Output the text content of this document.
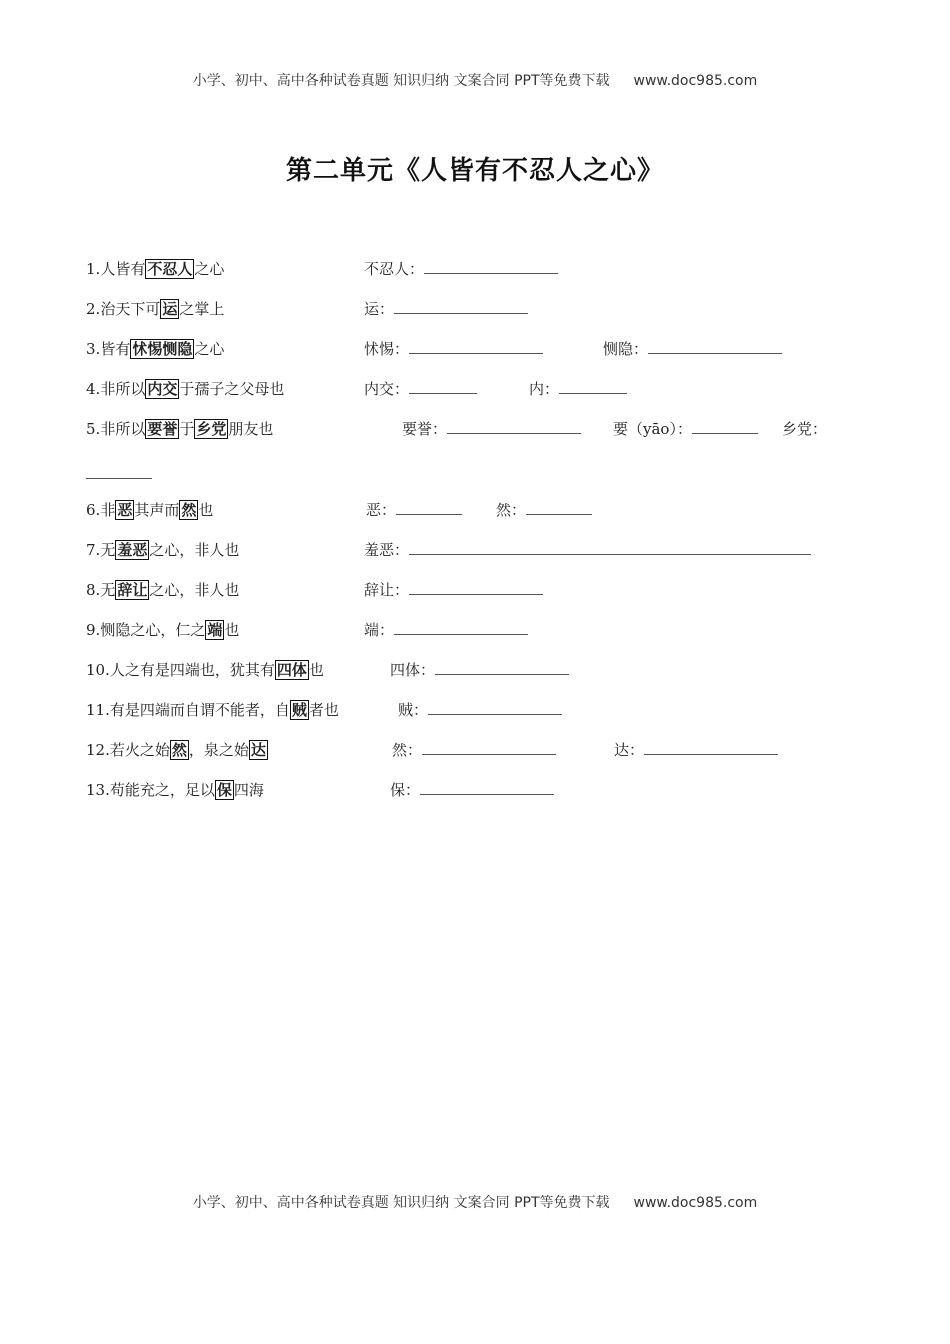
小学、初中、高中各种试卷真题 知识归纳 文案合同 PPT等免费下载 www.doc985.com
第二单元《人皆有不忍人之心》
1.人皆有 不忍人 之心	不忍人：
2.治天下可 运 之掌上	运：
3.皆有 怵惕恻隐 之心	怵惕：	恻隐：
4.非所以 内交 于孺子之父母也	内交：	内：
5.非所以 要誉 于 乡党 朋友也	要誉：	要（yāo）：	乡党：
6.非 恶 其声而 然 也	恶：	然：
7.无 羞恶 之心，非人也	羞恶：
8.无 辞让 之心，非人也	辞让：
9.恻隐之心，仁之 端 也	端：
10.人之有是四端也，犹其有 四体 也	四体：
11.有是四端而自谓不能者，自 贼 者也	贼：
12.若火之始 然 ，泉之始 达	然：	达：
13.苟能充之，足以 保 四海	保：
小学、初中、高中各种试卷真题 知识归纳 文案合同 PPT等免费下载 www.doc985.com
